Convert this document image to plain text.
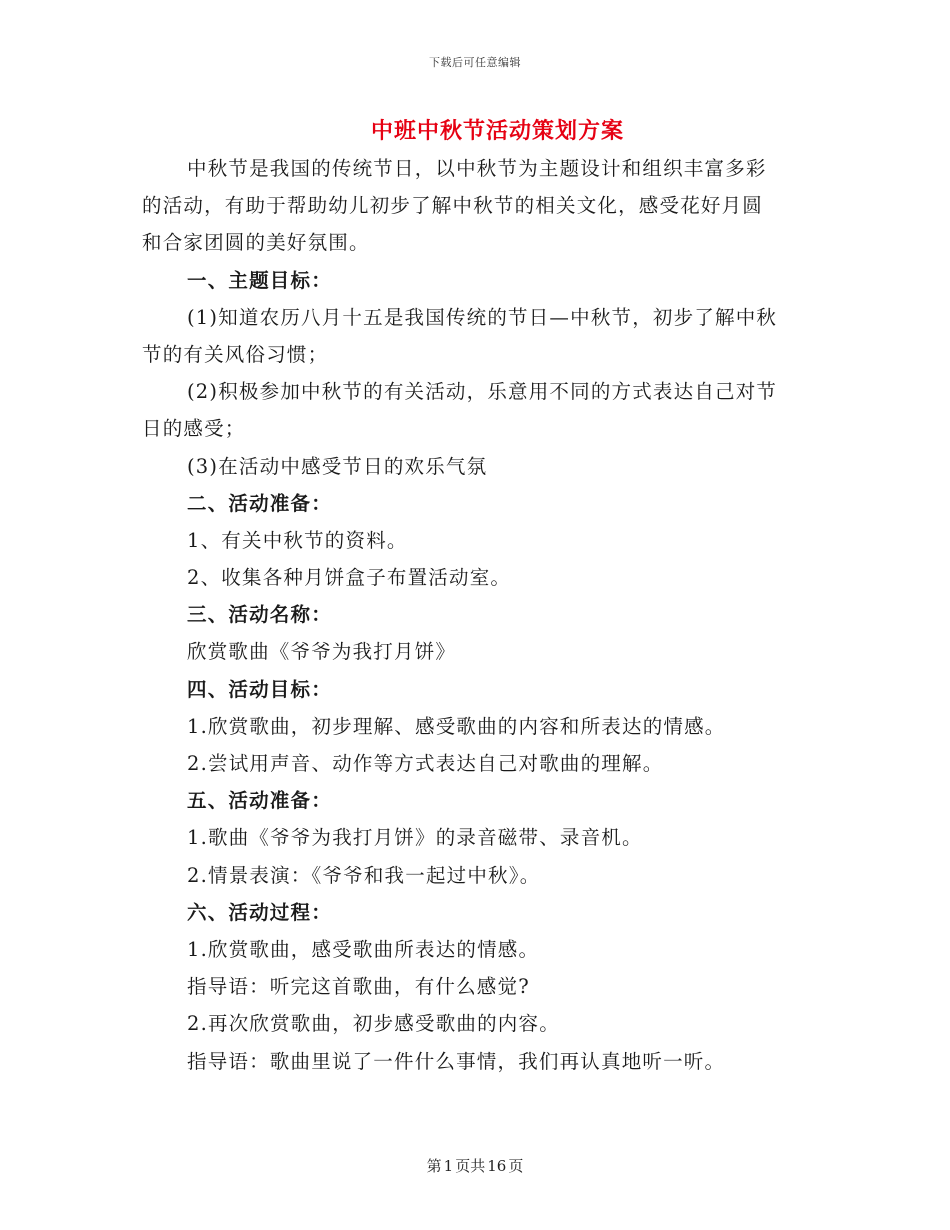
下载后可任意编辑
中班中秋节活动策划方案
中秋节是我国的传统节日，以中秋节为主题设计和组织丰富多彩
的活动，有助于帮助幼儿初步了解中秋节的相关文化，感受花好月圆
和合家团圆的美好氛围。
一、主题目标：
(1)知道农历八月十五是我国传统的节日—中秋节，初步了解中秋
节的有关风俗习惯；
(2)积极参加中秋节的有关活动，乐意用不同的方式表达自己对节
日的感受；
(3)在活动中感受节日的欢乐气氛
二、活动准备：
1、有关中秋节的资料。
2、收集各种月饼盒子布置活动室。
三、活动名称：
欣赏歌曲《爷爷为我打月饼》
四、活动目标：
1.欣赏歌曲，初步理解、感受歌曲的内容和所表达的情感。
2.尝试用声音、动作等方式表达自己对歌曲的理解。
五、活动准备：
1.歌曲《爷爷为我打月饼》的录音磁带、录音机。
2.情景表演：《爷爷和我一起过中秋》。
六、活动过程：
1.欣赏歌曲，感受歌曲所表达的情感。
指导语：听完这首歌曲，有什么感觉?
2.再次欣赏歌曲，初步感受歌曲的内容。
指导语：歌曲里说了一件什么事情，我们再认真地听一听。
第 1 页共 16 页
